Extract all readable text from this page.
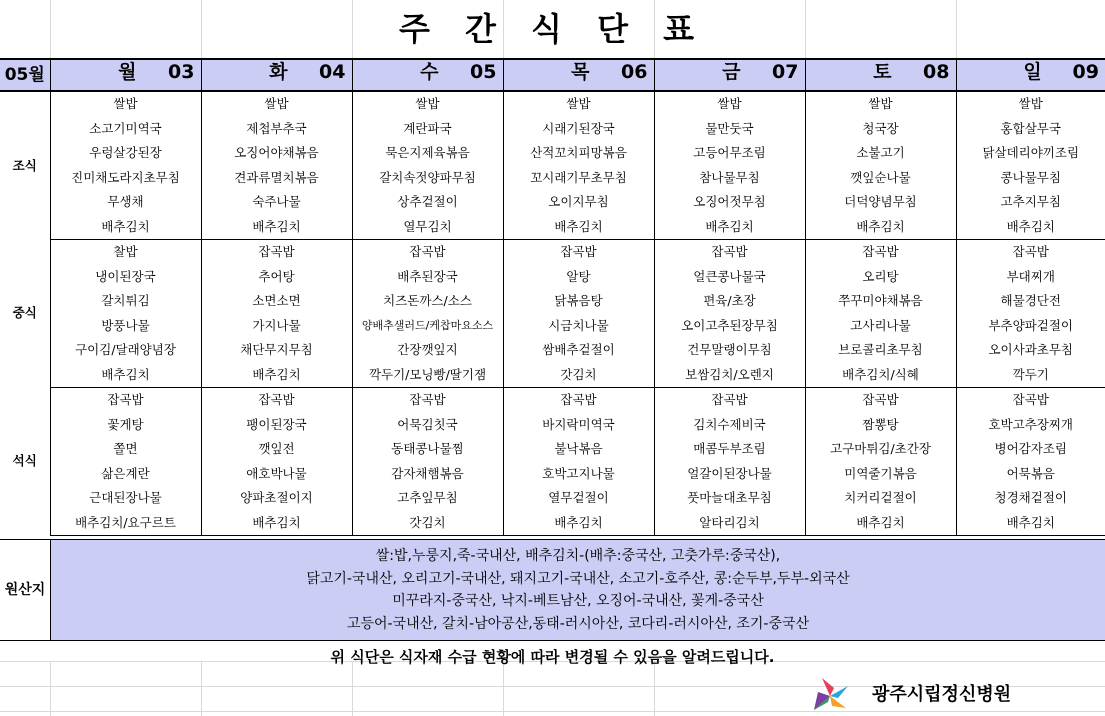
주 간 식 단 표
05월	월 03	화 04	수 05	목 06	금 07	토 08	일 09

조식	쌀밥	쌀밥	쌀밥	쌀밥	쌀밥	쌀밥	쌀밥
	소고기미역국	제첩부추국	계란파국	시래기된장국	물만둣국	청국장	홍합살무국
	우렁살강된장	오징어야채볶음	묵은지제육볶음	산적꼬치피망볶음	고등어무조림	소불고기	닭살데리야끼조림
	진미채도라지초무침	견과류멸치볶음	갈치속젓양파무침	꼬시래기무초무침	참나물무침	깻잎순나물	콩나물무침
	무생채	숙주나물	상추겉절이	오이지무침	오징어젓무침	더덕양념무침	고추지무침
	배추김치	배추김치	열무김치	배추김치	배추김치	배추김치	배추김치
중식	찰밥	잡곡밥	잡곡밥	잡곡밥	잡곡밥	잡곡밥	잡곡밥
	냉이된장국	추어탕	배추된장국	알탕	얼큰콩나물국	오리탕	부대찌개
	갈치튀김	소면소면	치즈돈까스/소스	닭볶음탕	편육/초장	쭈꾸미야채볶음	해물경단전
	방풍나물	가지나물	양배추샐러드/케찹마요소스	시금치나물	오이고추된장무침	고사리나물	부추양파겉절이
	구이김/달래양념장	채단무지무침	간장깻잎지	쌈배추겉절이	건무말랭이무침	브로콜리초무침	오이사과초무침
	배추김치	배추김치	깍두기/모닝빵/딸기잼	갓김치	보쌈김치/오렌지	배추김치/식혜	깍두기
석식	잡곡밥	잡곡밥	잡곡밥	잡곡밥	잡곡밥	잡곡밥	잡곡밥
	꽃게탕	팽이된장국	어묵김칫국	바지락미역국	김치수제비국	짬뽕탕	호박고추장찌개
	쫄면	깻잎전	동태콩나물찜	불낙볶음	매콤두부조림	고구마튀김/초간장	병어감자조림
	삶은계란	애호박나물	감자채햄볶음	호박고지나물	얼갈이된장나물	미역줄기볶음	어묵볶음
	근대된장나물	양파초절이지	고추잎무침	열무겉절이	풋마늘대초무침	치커리겉절이	청경채겉절이
	배추김치/요구르트	배추김치	갓김치	배추김치	알타리김치	배추김치	배추김치
원산지
쌀:밥,누룽지,죽-국내산, 배추김치-(배추:중국산, 고춧가루:중국산),
닭고기-국내산, 오리고기-국내산, 돼지고기-국내산, 소고기-호주산, 콩:순두부,두부-외국산
미꾸라지-중국산, 낙지-베트남산, 오징어-국내산, 꽃게-중국산
고등어-국내산, 갈치-남아공산,동태-러시아산, 코다리-러시아산, 조기-중국산
위 식단은 식자재 수급 현황에 따라 변경될 수 있음을 알려드립니다.
광주시립정신병원
